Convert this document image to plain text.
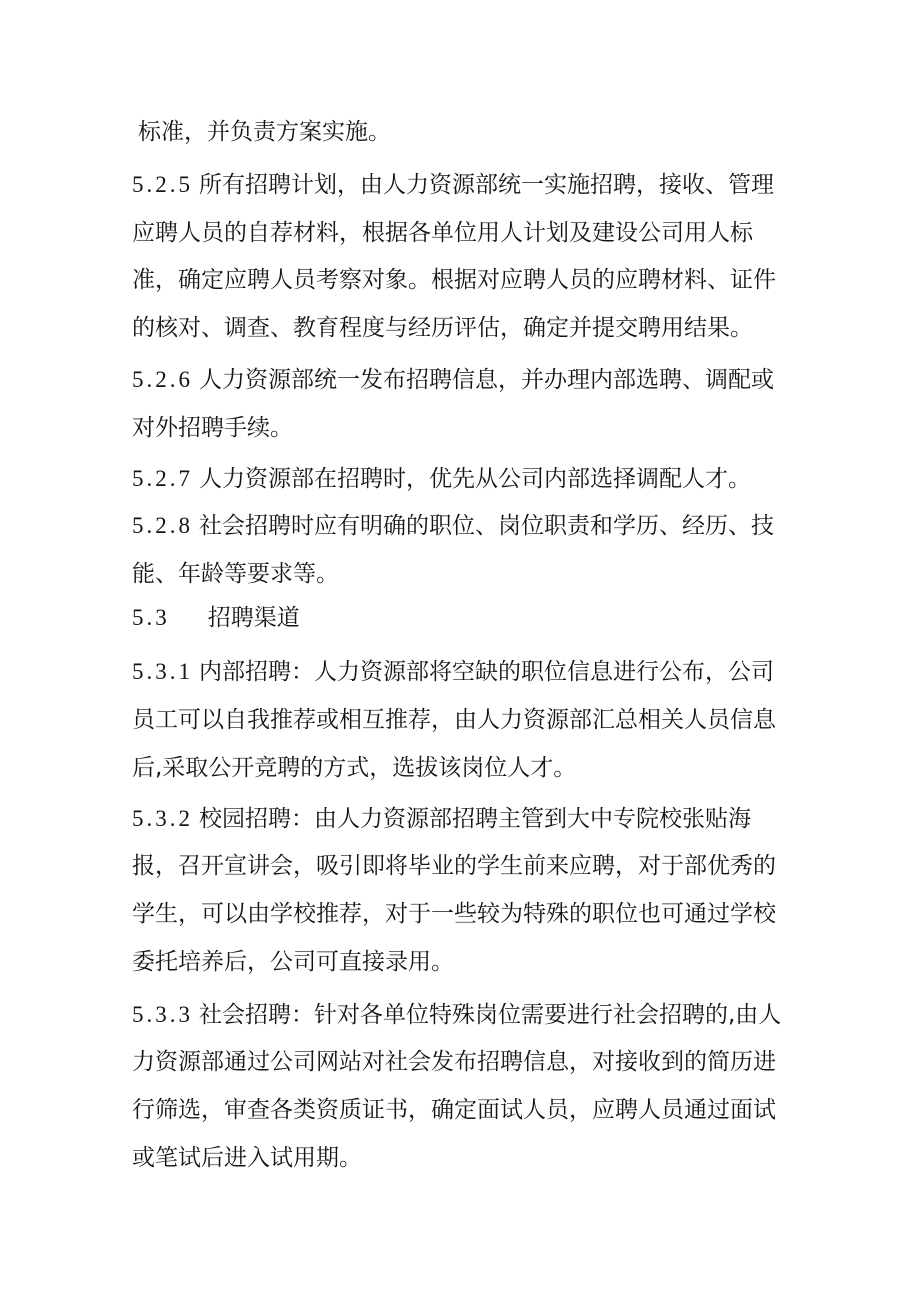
标准，并负责方案实施。
5.2.5 所有招聘计划，由人力资源部统一实施招聘，接收、管理
应聘人员的自荐材料，根据各单位用人计划及建设公司用人标
准，确定应聘人员考察对象。根据对应聘人员的应聘材料、证件
的核对、调查、教育程度与经历评估，确定并提交聘用结果。
5.2.6 人力资源部统一发布招聘信息，并办理内部选聘、调配或
对外招聘手续。
5.2.7 人力资源部在招聘时，优先从公司内部选择调配人才。
5.2.8 社会招聘时应有明确的职位、岗位职责和学历、经历、技
能、年龄等要求等。
5.3 招聘渠道
5.3.1 内部招聘：人力资源部将空缺的职位信息进行公布，公司
员工可以自我推荐或相互推荐，由人力资源部汇总相关人员信息
后,采取公开竞聘的方式，选拔该岗位人才。
5.3.2 校园招聘：由人力资源部招聘主管到大中专院校张贴海
报，召开宣讲会，吸引即将毕业的学生前来应聘，对于部优秀的
学生，可以由学校推荐，对于一些较为特殊的职位也可通过学校
委托培养后，公司可直接录用。
5.3.3 社会招聘：针对各单位特殊岗位需要进行社会招聘的,由人
力资源部通过公司网站对社会发布招聘信息，对接收到的简历进
行筛选，审查各类资质证书，确定面试人员，应聘人员通过面试
或笔试后进入试用期。
